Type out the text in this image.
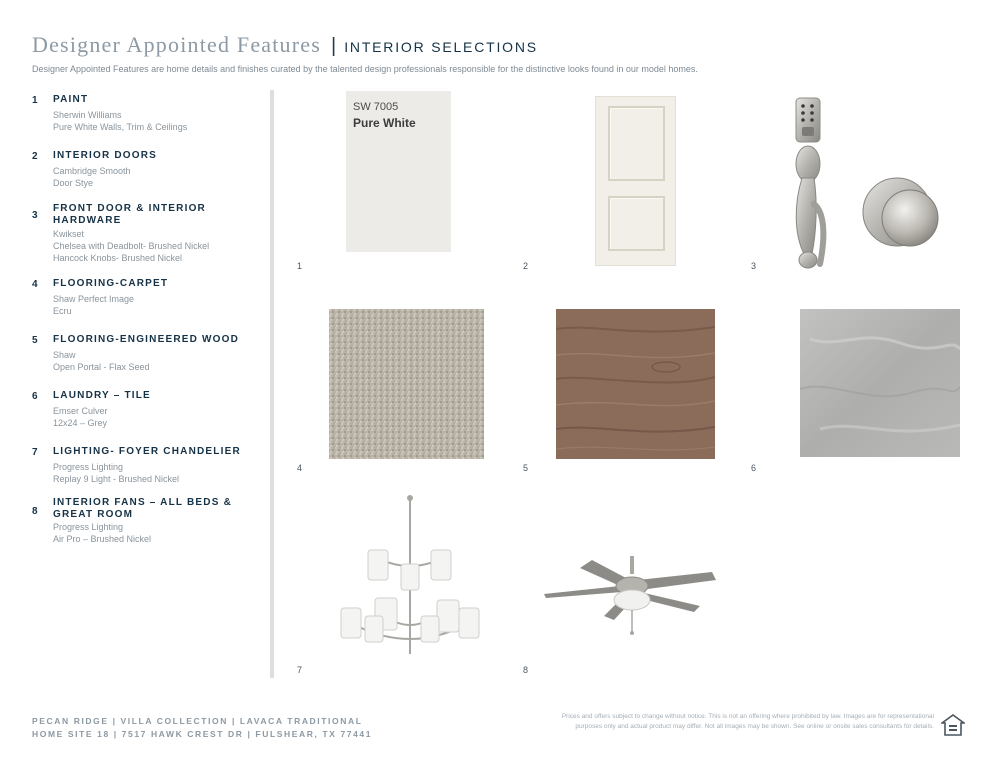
Designer Appointed Features | INTERIOR SELECTIONS
Designer Appointed Features are home details and finishes curated by the talented design professionals responsible for the distinctive looks found in our model homes.
1 PAINT
Sherwin Williams
Pure White Walls, Trim & Ceilings
2 INTERIOR DOORS
Cambridge Smooth
Door Stye
3
FRONT DOOR & INTERIOR HARDWARE
Kwikset
Chelsea with Deadbolt- Brushed Nickel
Hancock Knobs- Brushed Nickel
4 FLOORING-CARPET
Shaw Perfect Image
Ecru
5 FLOORING-ENGINEERED WOOD
Shaw
Open Portal - Flax Seed
6 LAUNDRY – TILE
Emser Culver
12x24 – Grey
7 LIGHTING- FOYER CHANDELIER
Progress Lighting
Replay 9 Light - Brushed Nickel
8
INTERIOR FANS – ALL BEDS & GREAT ROOM
Progress Lighting
Air Pro – Brushed Nickel
SW 7005
Pure White
1	2	3
4	5	6
7	8
PECAN RIDGE | VILLA COLLECTION | LAVACA TRADITIONAL
HOME SITE 18 | 7517 HAWK CREST DR | FULSHEAR, TX 77441
Prices and offers subject to change without notice. This is not an offering where prohibited by law. Images are for representational purposes only and actual product may differ. Not all images may be shown. See online or onsite sales consultants for details.
